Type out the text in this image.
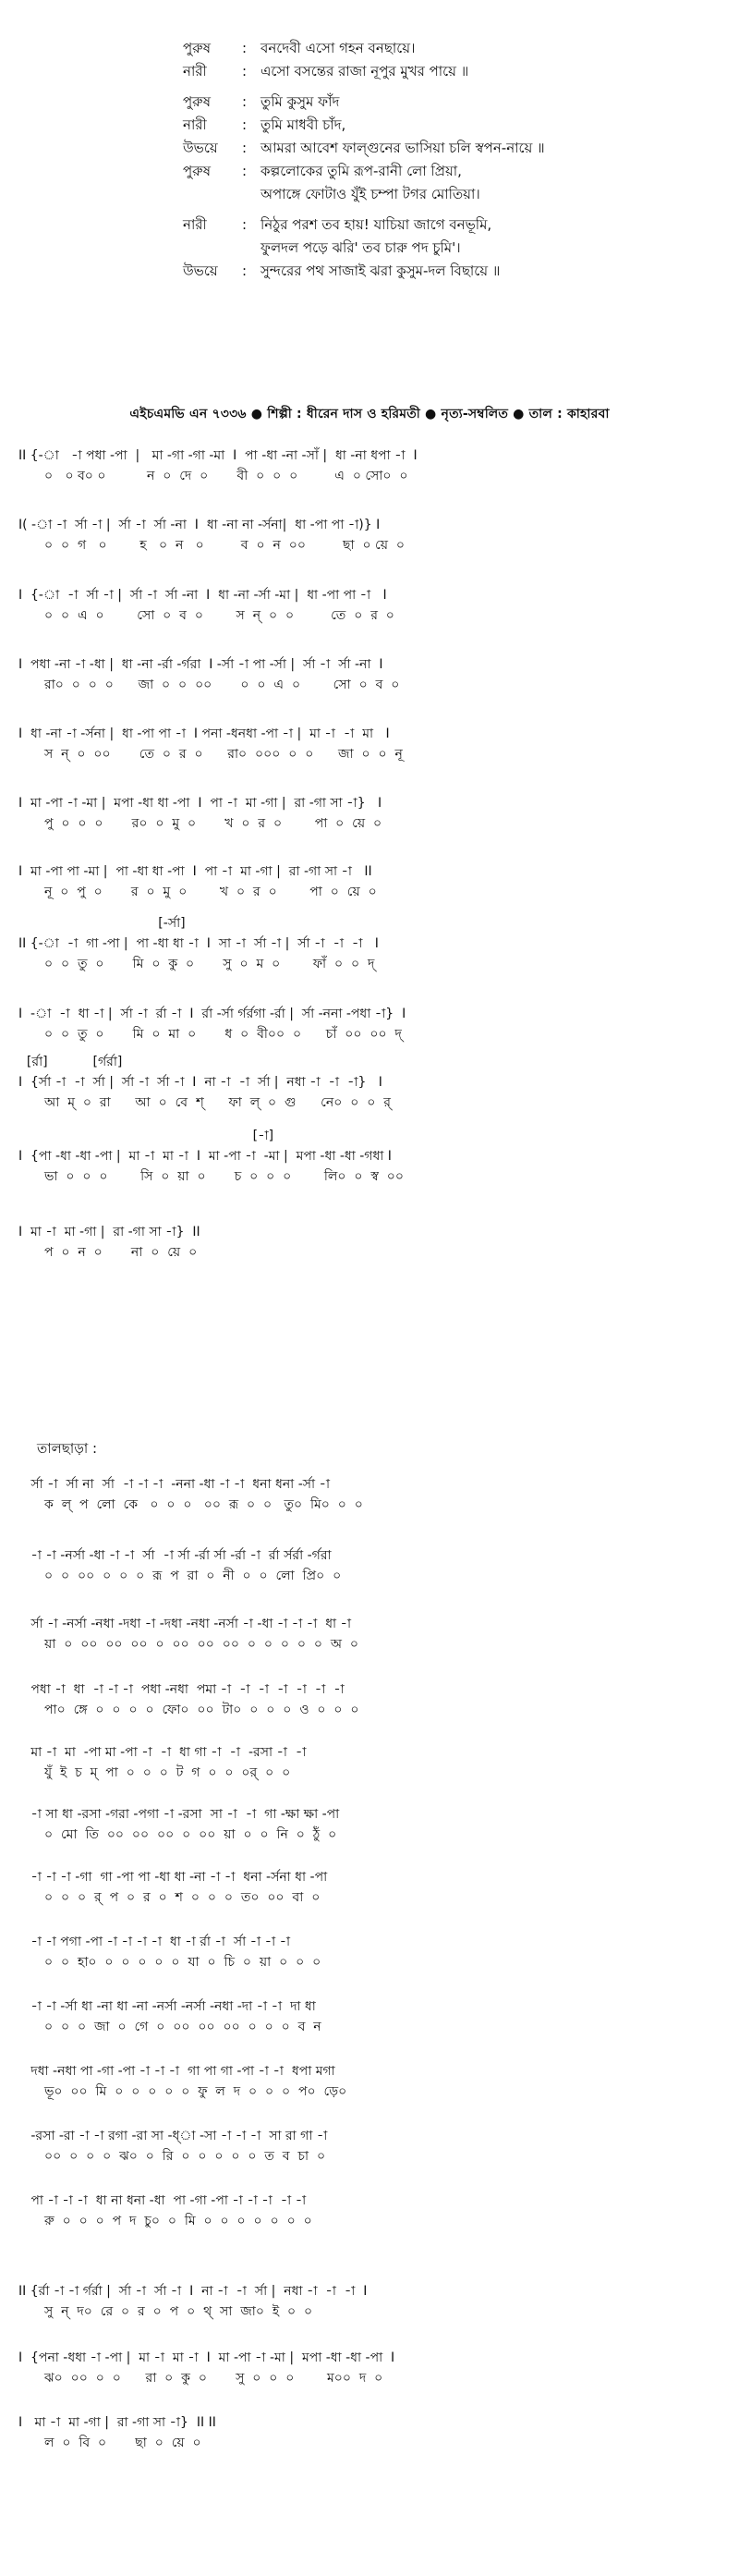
পুরুষ	: বনদেবী এসো গহন বনছায়ে।
নারী	: এসো বসন্তের রাজা নূপুর মুখর পায়ে ॥
পুরুষ	: তুমি কুসুম ফাঁদ
নারী	: তুমি মাধবী চাঁদ,
উভয়ে	: আমরা আবেশ ফাল্গুনের ভাসিয়া চলি স্বপন-নায়ে ॥
পুরুষ	: কল্পলোকের তুমি রূপ-রানী লো প্রিয়া,
অপাঙ্গে ফোটাও যুঁই চম্পা টগর মোতিয়া।
নারী	: নিঠুর পরশ তব হায়! যাচিয়া জাগে বনভূমি,
ফুলদল পড়ে ঝরি' তব চারু পদ চুমি'।
উভয়ে	: সুন্দরের পথ সাজাই ঝরা কুসুম-দল বিছায়ে ॥
এইচএমভি এন ৭৩৩৬ ● শিল্পী : ধীরেন দাস ও হরিমতী ● নৃত্য-সম্বলিত ● তাল : কাহারবা
তালছাড়া :
II {-া   -া পধা -পা  |   মা -গা -গা -মা  I  পা -ধা -না -সাঁ |  ধা -না ধপা -া  I
০   ০ ব০ ০          ন  ০  দে  ০       বী  ০  ০  ০         এ  ০ সো০  ০
I( -া -া  র্সা -া |  র্সা -া  র্সা -না  I  ধা -না না -র্সনা|  ধা -পা পা -া)} I
০  ০  গ   ০        হ   ০  ন   ০         ব  ০  ন  ০০         ছা  ০ য়ে  ০
I  {-া  -া  র্সা -া |  র্সা -া  র্সা -না  I  ধা -না -র্সা -মা |  ধা -পা পা -া   I
০  ০  এ  ০        সো  ০  ব  ০        স  ন্‌  ০  ০         তে  ০  র  ০
I  পধা -না -া -ধা |  ধা -না -র্রা -র্গরা  I -র্সা -া পা -র্সা |  র্সা -া  র্সা -না  I
রা০  ০  ০  ০      জা  ০  ০  ০০       ০  ০  এ  ০        সো  ০  ব  ০
I  ধা -না -া -র্সনা |  ধা -পা পা -া  I পনা -ধনধা -পা -া |  মা -া  -া  মা   I
স  ন্‌  ০  ০০       তে  ০  র  ০      রা০  ০০০  ০  ০      জা  ০  ০  নূ
I  মা -পা -া -মা |  মপা -ধা ধা -পা  I  পা -া  মা -গা |  রা -গা সা -া}   I
পু  ০  ০  ০       র০  ০  মু  ০       খ  ০  র  ০        পা  ০  য়ে  ০
I  মা -পা পা -মা |  পা -ধা ধা -পা  I  পা -া  মা -গা |  রা -গা সা -া   II
নূ  ০  পু  ০       র  ০  মু  ০        খ  ০  র  ০        পা  ০  য়ে  ০
[-র্সা]
II {-া  -া  গা -পা |  পা -ধা ধা -া  I  সা -া  র্সা -া |  র্সা -া  -া  -া   I
০  ০  তু  ০       মি  ০  কু  ০       সু  ০  ম  ০        ফাঁ  ০  ০  দ্‌
I  -া  -া  ধা -া |  র্সা -া  র্রা -া  I  র্রা -র্সা র্গর্রগা -র্রা |  র্সা -ননা -পধা -া}  I
০  ০  তু  ০       মি  ০  মা  ০       ধ  ০  বী০০  ০      চাঁ  ০০  ০০  দ্‌
[র্রা]           [র্গর্রা]
I  {র্সা -া  -া  র্সা |  র্সা -া  র্সা -া  I  না -া  -া  র্সা |  নধা -া  -া  -া}   I
আ  ম্‌  ০  রা      আ  ০  বে  শ্‌      ফা  ল্‌  ০  গু      নে০  ০  ০  র্‌
[-া]
I  {পা -ধা -ধা -পা |  মা -া  মা -া  I  মা -পা -া  -মা |  মপা -ধা -ধা -গধা I
ভা  ০  ০  ০        সি  ০  য়া  ০       চ  ০  ০  ০        লি০  ০  স্ব  ০০
I  মা -া  মা -গা |  রা -গা সা -া}  II
প  ০  ন  ০       না  ০  য়ে  ০
র্সা -া  র্সা না  র্সা  -া -া -া  -ননা -ধা -া -া  ধনা ধনা -র্সা -া
ক  ল্‌  প  লো  কে   ০  ০  ০   ০০  রূ  ০  ০   তু০  মি০  ০  ০
-া -া -নর্সা -ধা -া -া  র্সা  -া র্সা -র্রা র্সা -র্রা -া  র্রা র্সর্রা -র্গরা
০  ০  ০০  ০  ০  ০  রূ  প  রা  ০  নী  ০  ০  লো  প্রি০  ০
র্সা -া -নর্সা -নধা -দধা -া -দধা -নধা -নর্সা -া -ধা -া -া -া  ধা -া
য়া  ০  ০০  ০০  ০০  ০  ০০  ০০  ০০  ০  ০  ০  ০  ০  অ  ০
পধা -া  ধা  -া -া -া  পধা -নধা  পমা -া  -া  -া  -া  -া  -া  -া
পা০  ঙ্গে  ০  ০  ০  ০  ফো০  ০০  টা০  ০  ০  ০  ও  ০  ০  ০
মা -া  মা  -পা মা -পা -া  -া  ধা গা -া  -া  -রসা -া  -া
যুঁ  ই  চ  ম্‌  পা  ০  ০  ০  ট  গ  ০  ০  ০র্‌  ০  ০
-া সা ধা -রসা -গরা -পগা -া -রসা  সা -া  -া  গা -ক্ষা ক্ষা -পা
০  মো  তি  ০০  ০০  ০০  ০  ০০  য়া  ০  ০  নি  ০  ঠুঁ  ০
-া -া -া -গা  গা -পা পা -ধা ধা -না -া -া  ধনা -র্সনা ধা -পা
০  ০  ০  র্‌  প  ০  র  ০  শ  ০  ০  ০  ত০  ০০  বা  ০
-া -া পগা -পা -া -া -া -া  ধা -া র্রা -া  র্সা -া -া -া
০  ০  হা০  ০  ০  ০  ০  ০  যা  ০  চি  ০  য়া  ০  ০  ০
-া -া -র্সা ধা -না ধা -না -নর্সা -নর্সা -নধা -দা -া -া  দা ধা
০  ০  ০  জা  ০  গে  ০  ০০  ০০  ০০  ০  ০  ০  ব  ন
দধা -নধা পা -গা -পা -া -া -া  গা পা গা -পা -া -া  ধপা মগা
ভূ০  ০০  মি  ০  ০  ০  ০  ০  ফু  ল  দ  ০  ০  ০  প০  ড়ে০
-রসা -রা -া -া রগা -রা সা -ধ্‌া -সা -া -া -া  সা রা গা -া
০০  ০  ০  ০  ঝ০  ০  রি  ০  ০  ০  ০  ০  ত  ব  চা  ০
পা -া -া -া  ধা না ধনা -ধা  পা -গা -পা -া -া -া  -া -া
রু  ০  ০  ০  প  দ  চু০  ০  মি  ০  ০  ০  ০  ০  ০  ০
II {র্রা -া -া র্গর্রা |  র্সা -া  র্সা -া  I  না -া  -া  র্সা |  নধা -া  -া  -া  I
সু  ন্‌  দ০  রে  ০  র  ০  প  ০  থ্‌  সা  জা০  ই  ০  ০
I  {পনা -ধধা -া -পা |  মা -া  মা -া  I  মা -পা -া -মা |  মপা -ধা -ধা -পা  I
ঝ০  ০০  ০  ০      রা  ০  কু  ০       সু  ০  ০  ০        ম০০  দ  ০
I   মা -া  মা -গা |  রা -গা সা -া}  II II
ল  ০  বি  ০       ছা  ০  য়ে  ০
